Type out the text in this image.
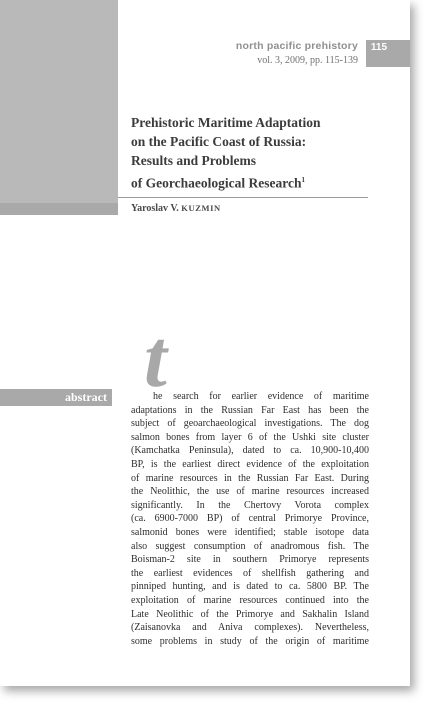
north pacific prehistory
vol. 3, 2009, pp. 115-139
115
Prehistoric Maritime Adaptation
on the Pacific Coast of Russia:
Results and Problems
of Georchaeological Research$^1$
Yaroslav V. KUZMIN
abstract t
he search for earlier evidence of maritime
adaptations in the Russian Far East has been the
subject of geoarchaeological investigations. The dog
salmon bones from layer 6 of the Ushki site cluster
(Kamchatka Peninsula), dated to ca. 10,900-10,400
BP, is the earliest direct evidence of the exploitation
of marine resources in the Russian Far East. During
the Neolithic, the use of marine resources increased
significantly. In the Chertovy Vorota complex
(ca. 6900-7000 BP) of central Primorye Province,
salmonid bones were identified; stable isotope data
also suggest consumption of anadromous fish. The
Boisman-2 site in southern Primorye represents
the earliest evidences of shellfish gathering and
pinniped hunting, and is dated to ca. 5800 BP. The
exploitation of marine resources continued into the
Late Neolithic of the Primorye and Sakhalin Island
(Zaisanovka and Aniva complexes). Nevertheless,
some problems in study of the origin of maritime
